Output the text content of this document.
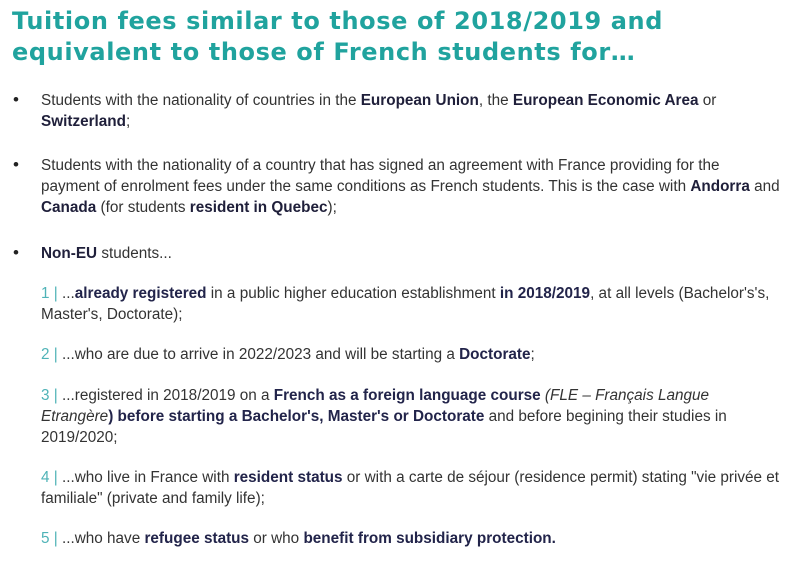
Tuition fees similar to those of 2018/2019 and
equivalent to those of French students for…
• Students with the nationality of countries in the European Union, the European Economic Area or Switzerland;
• Students with the nationality of a country that has signed an agreement with France providing for the payment of enrolment fees under the same conditions as French students. This is the case with Andorra and Canada (for students resident in Quebec);
• Non-EU students...
1 | ...already registered in a public higher education establishment in 2018/2019, at all levels (Bachelor's's, Master's, Doctorate);
2 | ...who are due to arrive in 2022/2023 and will be starting a Doctorate;
3 | ...registered in 2018/2019 on a French as a foreign language course (FLE – Français Langue Etrangère) before starting a Bachelor's, Master's or Doctorate and before begining their studies in 2019/2020;
4 | ...who live in France with resident status or with a carte de séjour (residence permit) stating "vie privée et familiale" (private and family life);
5 | ...who have refugee status or who benefit from subsidiary protection.
